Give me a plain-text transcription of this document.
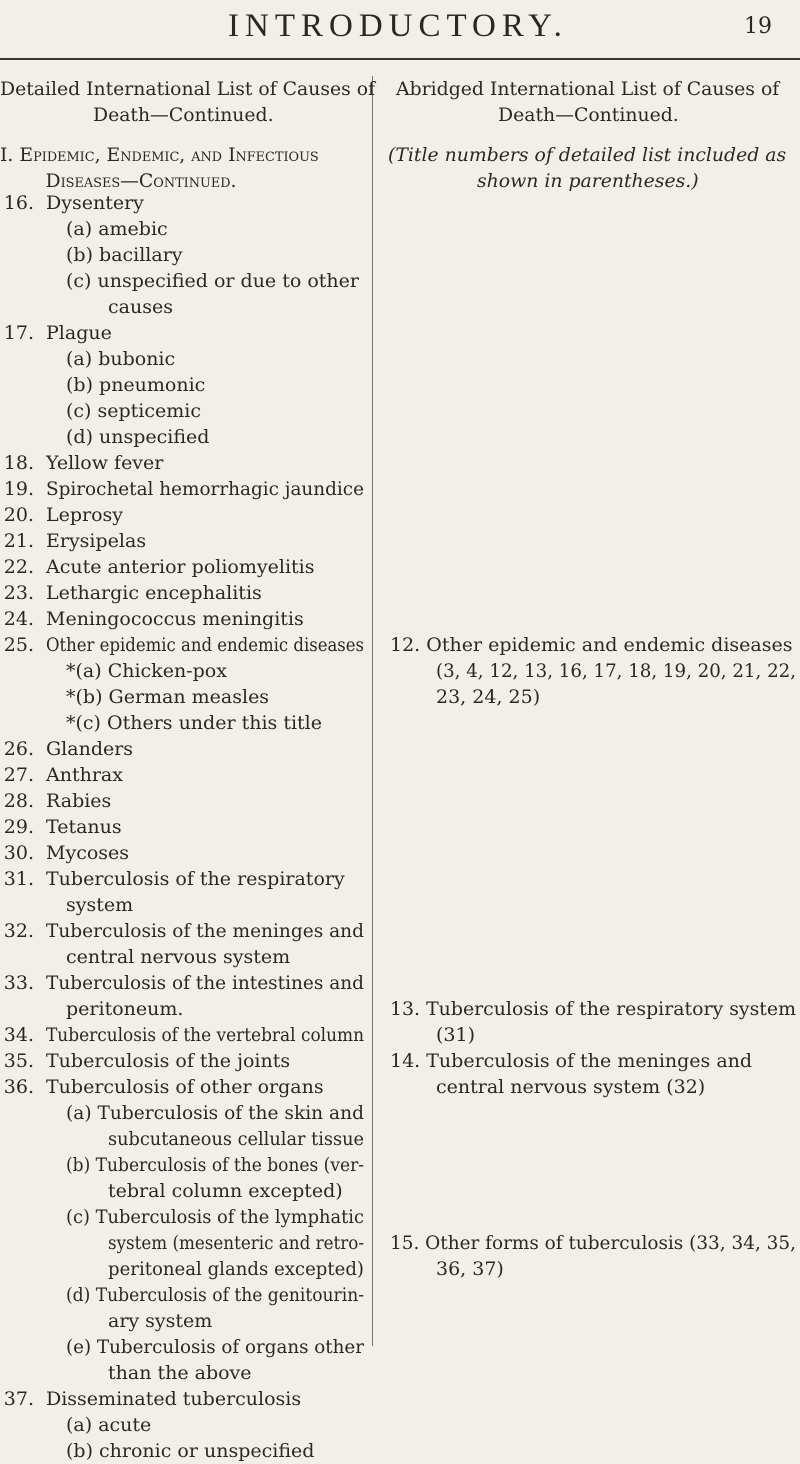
INTRODUCTORY.	19
Detailed International List of Causes of Death—Continued.
I. Epidemic, Endemic, and Infectious Diseases—Continued.
16. Dysentery
(a) amebic
(b) bacillary
(c) unspecified or due to other
causes
17. Plague
(a) bubonic
(b) pneumonic
(c) septicemic
(d) unspecified
18. Yellow fever
19. Spirochetal hemorrhagic jaundice
20. Leprosy
21. Erysipelas
22. Acute anterior poliomyelitis
23. Lethargic encephalitis
24. Meningococcus meningitis
25. Other epidemic and endemic diseases
*(a) Chicken-pox
*(b) German measles
*(c) Others under this title
26. Glanders
27. Anthrax
28. Rabies
29. Tetanus
30. Mycoses
31. Tuberculosis of the respiratory
system
32. Tuberculosis of the meninges and
central nervous system
33. Tuberculosis of the intestines and
peritoneum.
34. Tuberculosis of the vertebral column
35. Tuberculosis of the joints
36. Tuberculosis of other organs
(a) Tuberculosis of the skin and
subcutaneous cellular tissue
(b) Tuberculosis of the bones (ver-
tebral column excepted)
(c) Tuberculosis of the lymphatic
system (mesenteric and retro-
peritoneal glands excepted)
(d) Tuberculosis of the genitourin-
ary system
(e) Tuberculosis of organs other
than the above
37. Disseminated tuberculosis
(a) acute
(b) chronic or unspecified
Abridged International List of Causes of Death—Continued.
(Title numbers of detailed list included as shown in parentheses.)
12. Other epidemic and endemic diseases
(3, 4, 12, 13, 16, 17, 18, 19, 20, 21, 22,
23, 24, 25)
13. Tuberculosis of the respiratory system
(31)
14. Tuberculosis of the meninges and
central nervous system (32)
15. Other forms of tuberculosis (33, 34, 35,
36, 37)
